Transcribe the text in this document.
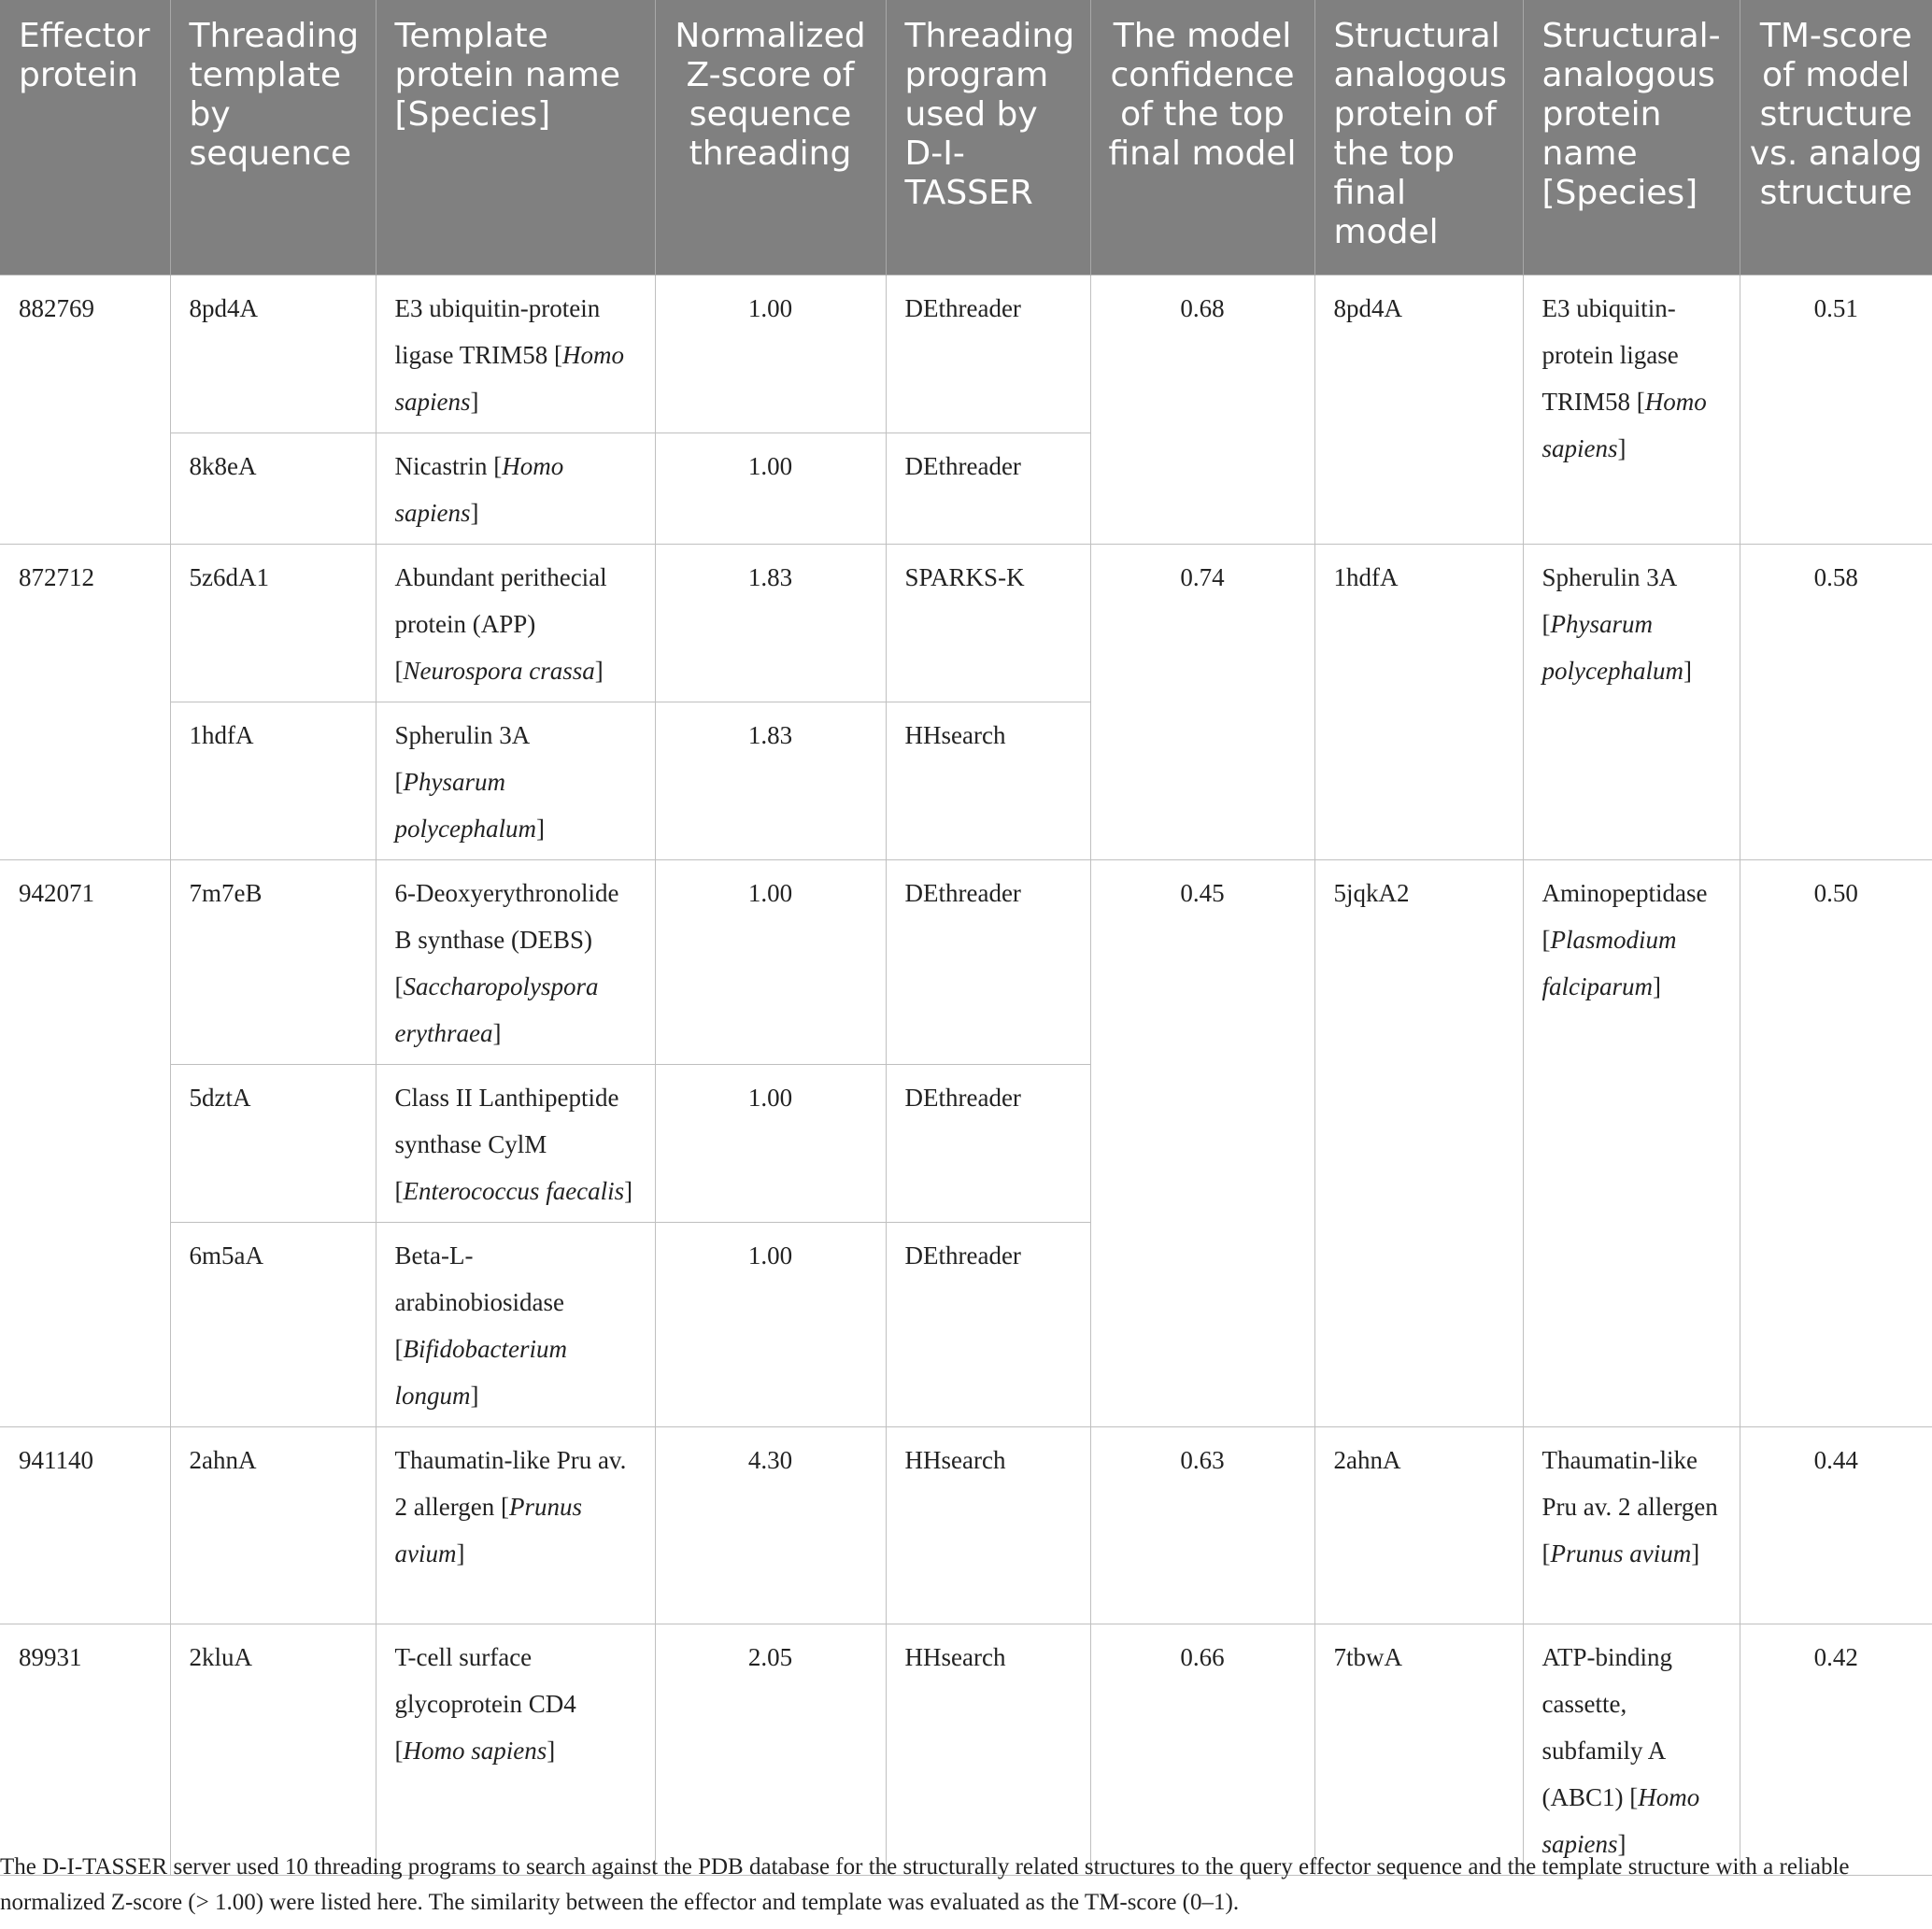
Effector protein	Threading template by sequence	Template protein name [Species]	Normalized Z-score of sequence threading	Threading program used by D-I-TASSER	The model confidence of the top final model	Structural analogous protein of the top final model	Structural-analogous protein name [Species]	TM-score of model structure vs. analog structure
882769	8pd4A	E3 ubiquitin-protein ligase TRIM58 [Homo sapiens]	1.00	DEthreader	0.68	8pd4A	E3 ubiquitin-protein ligase TRIM58 [Homo sapiens]	0.51
	8k8eA	Nicastrin [Homo sapiens]	1.00	DEthreader				
872712	5z6dA1	Abundant perithecial protein (APP) [Neurospora crassa]	1.83	SPARKS-K	0.74	1hdfA	Spherulin 3A [Physarum polycephalum]	0.58
	1hdfA	Spherulin 3A [Physarum polycephalum]	1.83	HHsearch				
942071	7m7eB	6-Deoxyerythronolide B synthase (DEBS) [Saccharopolyspora erythraea]	1.00	DEthreader	0.45	5jqkA2	Aminopeptidase [Plasmodium falciparum]	0.50
	5dztA	Class II Lanthipeptide synthase CylM [Enterococcus faecalis]	1.00	DEthreader				
	6m5aA	Beta-L-arabinobiosidase [Bifidobacterium longum]	1.00	DEthreader				
941140	2ahnA	Thaumatin-like Pru av. 2 allergen [Prunus avium]	4.30	HHsearch	0.63	2ahnA	Thaumatin-like Pru av. 2 allergen [Prunus avium]	0.44
89931	2kluA	T-cell surface glycoprotein CD4 [Homo sapiens]	2.05	HHsearch	0.66	7tbwA	ATP-binding cassette, subfamily A (ABC1) [Homo sapiens]	0.42
The D-I-TASSER server used 10 threading programs to search against the PDB database for the structurally related structures to the query effector sequence and the template structure with a reliable normalized Z-score (> 1.00) were listed here. The similarity between the effector and template was evaluated as the TM-score (0–1).
